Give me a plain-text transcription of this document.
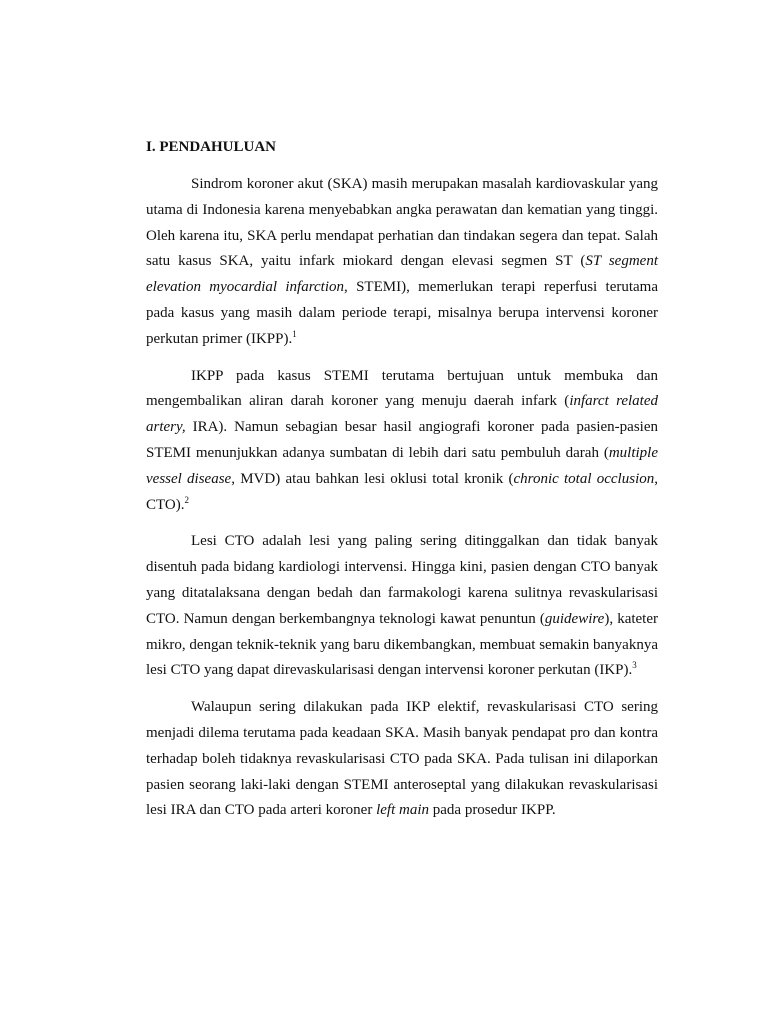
I. PENDAHULUAN

Sindrom koroner akut (SKA) masih merupakan masalah kardiovaskular yang utama di Indonesia karena menyebabkan angka perawatan dan kematian yang tinggi. Oleh karena itu, SKA perlu mendapat perhatian dan tindakan segera dan tepat. Salah satu kasus SKA, yaitu infark miokard dengan elevasi segmen ST (ST segment elevation myocardial infarction, STEMI), memerlukan terapi reperfusi terutama pada kasus yang masih dalam periode terapi, misalnya berupa intervensi koroner perkutan primer (IKPP).$^1$

IKPP pada kasus STEMI terutama bertujuan untuk membuka dan mengembalikan aliran darah koroner yang menuju daerah infark (infarct related artery, IRA). Namun sebagian besar hasil angiografi koroner pada pasien-pasien STEMI menunjukkan adanya sumbatan di lebih dari satu pembuluh darah (multiple vessel disease, MVD) atau bahkan lesi oklusi total kronik (chronic total occlusion, CTO).$^2$

Lesi CTO adalah lesi yang paling sering ditinggalkan dan tidak banyak disentuh pada bidang kardiologi intervensi. Hingga kini, pasien dengan CTO banyak yang ditatalaksana dengan bedah dan farmakologi karena sulitnya revaskularisasi CTO. Namun dengan berkembangnya teknologi kawat penuntun (guidewire), kateter mikro, dengan teknik-teknik yang baru dikembangkan, membuat semakin banyaknya lesi CTO yang dapat direvaskularisasi dengan intervensi koroner perkutan (IKP).$^3$

Walaupun sering dilakukan pada IKP elektif, revaskularisasi CTO sering menjadi dilema terutama pada keadaan SKA. Masih banyak pendapat pro dan kontra terhadap boleh tidaknya revaskularisasi CTO pada SKA. Pada tulisan ini dilaporkan pasien seorang laki-laki dengan STEMI anteroseptal yang dilakukan revaskularisasi lesi IRA dan CTO pada arteri koroner left main pada prosedur IKPP.
